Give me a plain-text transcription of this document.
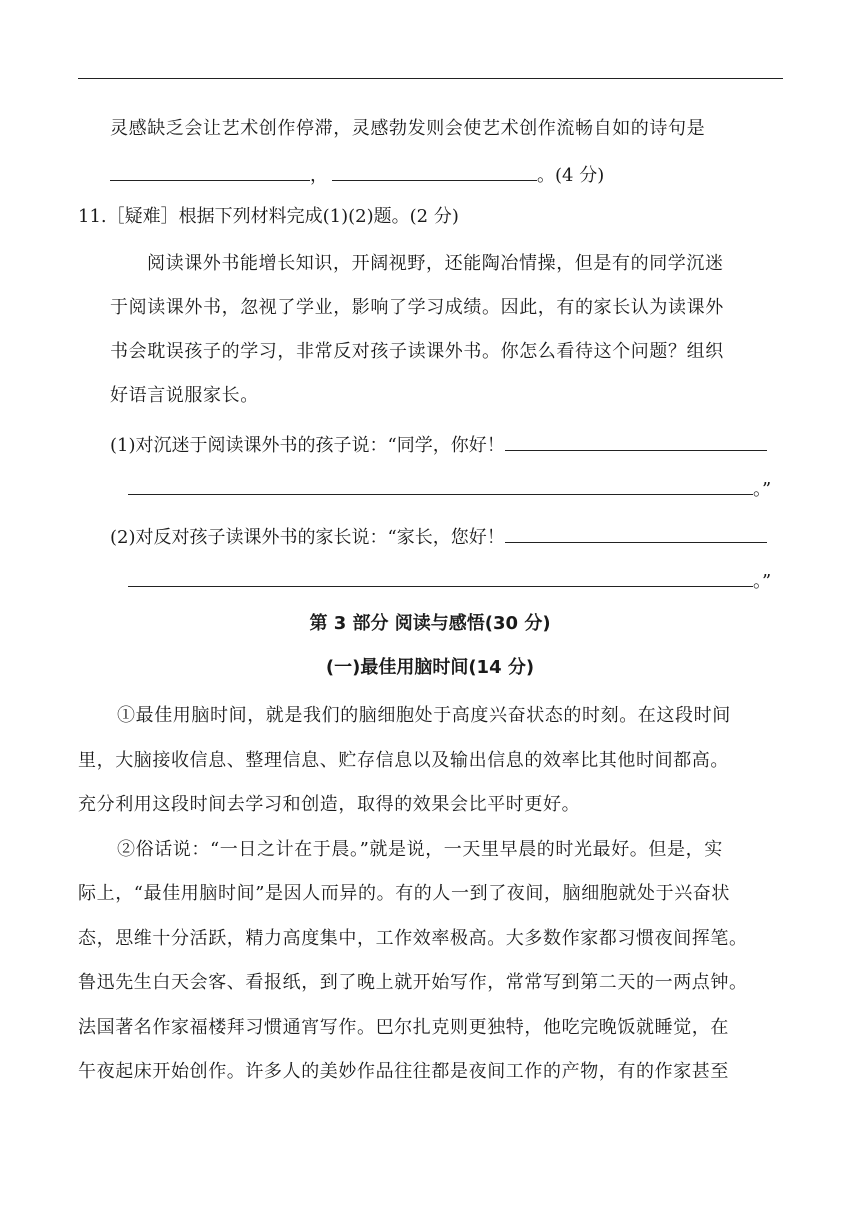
灵感缺乏会让艺术创作停滞，灵感勃发则会使艺术创作流畅自如的诗句是
，	。(4 分)
11.［疑难］根据下列材料完成(1)(2)题。(2 分)
阅读课外书能增长知识，开阔视野，还能陶冶情操，但是有的同学沉迷
于阅读课外书，忽视了学业，影响了学习成绩。因此，有的家长认为读课外
书会耽误孩子的学习，非常反对孩子读课外书。你怎么看待这个问题？组织
好语言说服家长。
(1)对沉迷于阅读课外书的孩子说：“同学，你好！
。”
(2)对反对孩子读课外书的家长说：“家长，您好！
。”
第 3 部分 阅读与感悟(30 分)
(一)最佳用脑时间(14 分)
①最佳用脑时间，就是我们的脑细胞处于高度兴奋状态的时刻。在这段时间
里，大脑接收信息、整理信息、贮存信息以及输出信息的效率比其他时间都高。
充分利用这段时间去学习和创造，取得的效果会比平时更好。
②俗话说：“一日之计在于晨。”就是说，一天里早晨的时光最好。但是，实
际上，“最佳用脑时间”是因人而异的。有的人一到了夜间，脑细胞就处于兴奋状
态，思维十分活跃，精力高度集中，工作效率极高。大多数作家都习惯夜间挥笔。
鲁迅先生白天会客、看报纸，到了晚上就开始写作，常常写到第二天的一两点钟。
法国著名作家福楼拜习惯通宵写作。巴尔扎克则更独特，他吃完晚饭就睡觉，在
午夜起床开始创作。许多人的美妙作品往往都是夜间工作的产物，有的作家甚至
